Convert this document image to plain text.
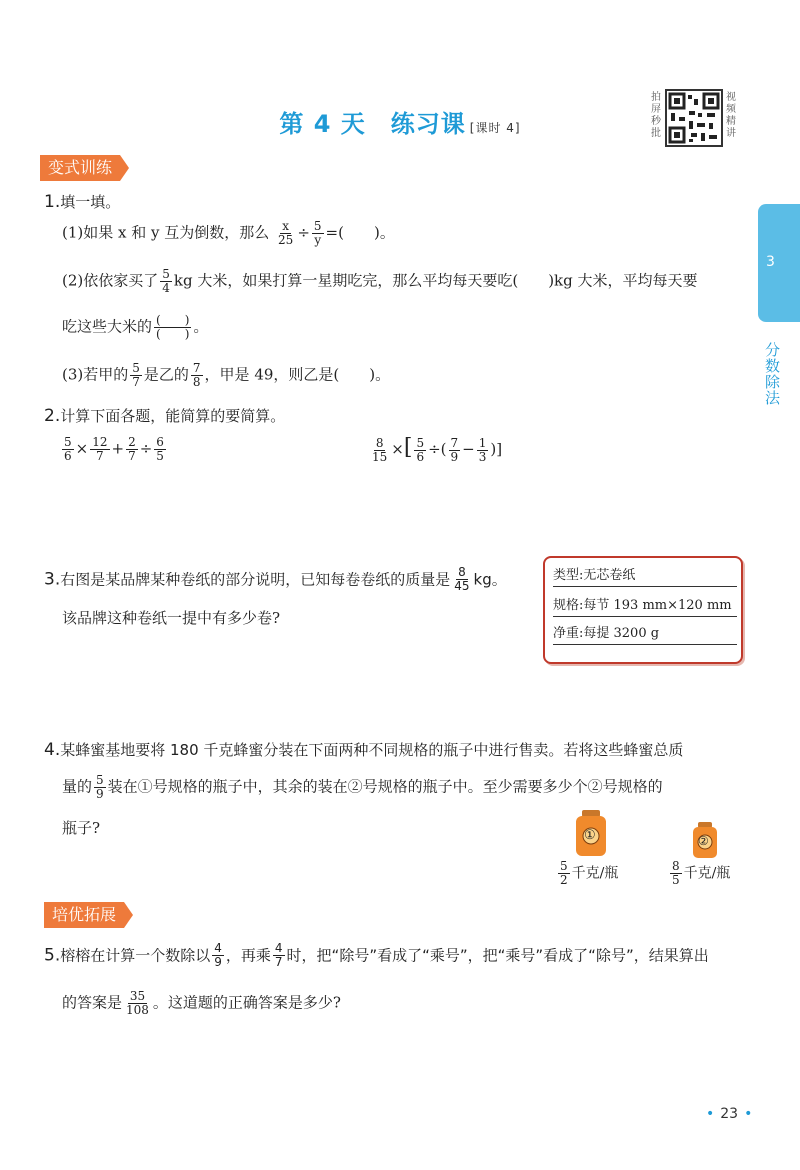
第 4 天　练习课 [课时 4]
拍屏秒批
视频精讲
3
分数除法
变式训练
1.填一填。
(1)如果 x 和 y 互为倒数，那么 $\frac{x}{25} \div \frac{5}{y}$ =(　　)。
(2)依依家买了 $\frac{5}{4}$ kg 大米，如果打算一星期吃完，那么平均每天要吃(　　)kg 大米，平均每天要
吃这些大米的 $\frac{( )}{( )}$ 。
(3)若甲的 $\frac{5}{7}$ 是乙的 $\frac{7}{8}$ ，甲是 49，则乙是(　　)。
2.计算下面各题，能简算的要简算。
$\frac{5}{6} \times \frac{12}{7} + \frac{2}{7} \div \frac{6}{5}$	$\frac{8}{15}$ ×[ $\frac{5}{6}$ ÷( $\frac{7}{9} - \frac{1}{3}$ )]
3.右图是某品牌某种卷纸的部分说明，已知每卷卷纸的质量是 $\frac{8}{45}$ kg。
该品牌这种卷纸一提中有多少卷?
类型:无芯卷纸
规格:每节 193 mm×120 mm
净重:每提 3200 g
4.某蜂蜜基地要将 180 千克蜂蜜分装在下面两种不同规格的瓶子中进行售卖。若将这些蜂蜜总质
量的 $\frac{5}{9}$ 装在①号规格的瓶子中，其余的装在②号规格的瓶子中。至少需要多少个②号规格的
瓶子?	①
$\frac{5}{2}$ 千克/瓶
②
$\frac{8}{5}$ 千克/瓶
培优拓展
5.榕榕在计算一个数除以 $\frac{4}{9}$ ，再乘 $\frac{4}{7}$ 时，把“除号”看成了“乘号”，把“乘号”看成了“除号”，结果算出
的答案是 $\frac{35}{108}$ 。这道题的正确答案是多少?
• 23 •
